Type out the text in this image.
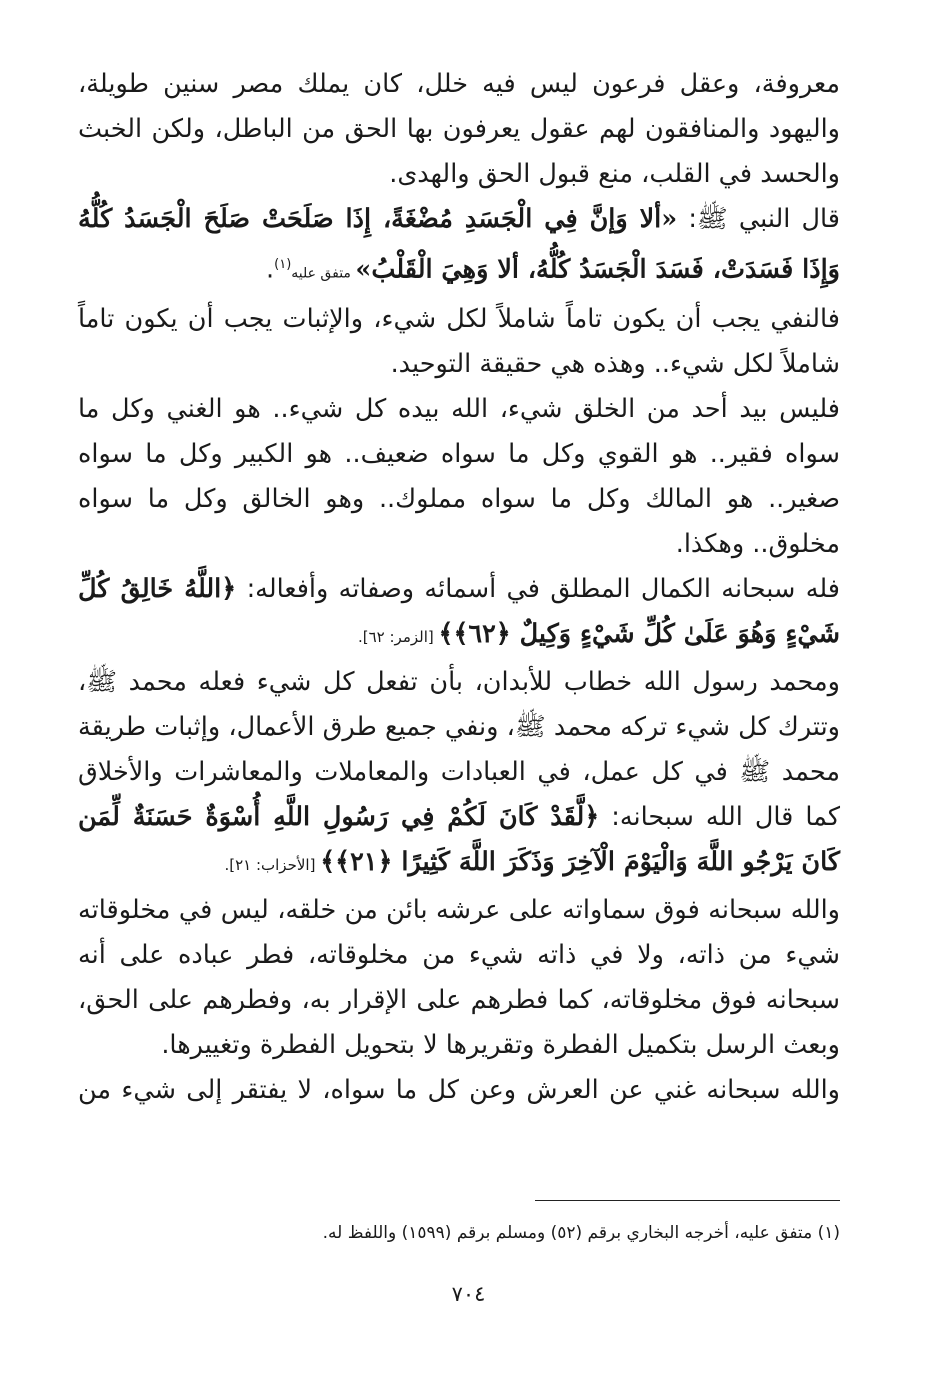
معروفة، وعقل فرعون ليس فيه خلل، كان يملك مصر سنين طويلة، واليهود والمنافقون لهم عقول يعرفون بها الحق من الباطل، ولكن الخبث والحسد في القلب، منع قبول الحق والهدى.

قال النبي ﷺ: «ألا وَإنَّ فِي الْجَسَدِ مُضْغَةً، إِذَا صَلَحَتْ صَلَحَ الْجَسَدُ كُلُّهُ وَإِذَا فَسَدَتْ، فَسَدَ الْجَسَدُ كُلُّهُ، ألا وَهِيَ الْقَلْبُ» متفق عليه$^{(١)}$.

فالنفي يجب أن يكون تاماً شاملاً لكل شيء، والإثبات يجب أن يكون تاماً شاملاً لكل شيء.. وهذه هي حقيقة التوحيد.

فليس بيد أحد من الخلق شيء، الله بيده كل شيء.. هو الغني وكل ما سواه فقير.. هو القوي وكل ما سواه ضعيف.. هو الكبير وكل ما سواه صغير.. هو المالك وكل ما سواه مملوك.. وهو الخالق وكل ما سواه مخلوق.. وهكذا.

فله سبحانه الكمال المطلق في أسمائه وصفاته وأفعاله: ﴿اللَّهُ خَالِقُ كُلِّ شَيْءٍ وَهُوَ عَلَىٰ كُلِّ شَيْءٍ وَكِيلٌ ﴿٦٢﴾﴾ [الزمر: ٦٢].

ومحمد رسول الله خطاب للأبدان، بأن تفعل كل شيء فعله محمد ﷺ، وتترك كل شيء تركه محمد ﷺ، ونفي جميع طرق الأعمال، وإثبات طريقة محمد ﷺ في كل عمل، في العبادات والمعاملات والمعاشرات والأخلاق كما قال الله سبحانه: ﴿لَّقَدْ كَانَ لَكُمْ فِي رَسُولِ اللَّهِ أُسْوَةٌ حَسَنَةٌ لِّمَن كَانَ يَرْجُو اللَّهَ وَالْيَوْمَ الْآخِرَ وَذَكَرَ اللَّهَ كَثِيرًا ﴿٢١﴾﴾ [الأحزاب: ٢١].

والله سبحانه فوق سماواته على عرشه بائن من خلقه، ليس في مخلوقاته شيء من ذاته، ولا في ذاته شيء من مخلوقاته، فطر عباده على أنه سبحانه فوق مخلوقاته، كما فطرهم على الإقرار به، وفطرهم على الحق، وبعث الرسل بتكميل الفطرة وتقريرها لا بتحويل الفطرة وتغييرها.

والله سبحانه غني عن العرش وعن كل ما سواه، لا يفتقر إلى شيء من

(١) متفق عليه، أخرجه البخاري برقم (٥٢) ومسلم برقم (١٥٩٩) واللفظ له.
٧٠٤
